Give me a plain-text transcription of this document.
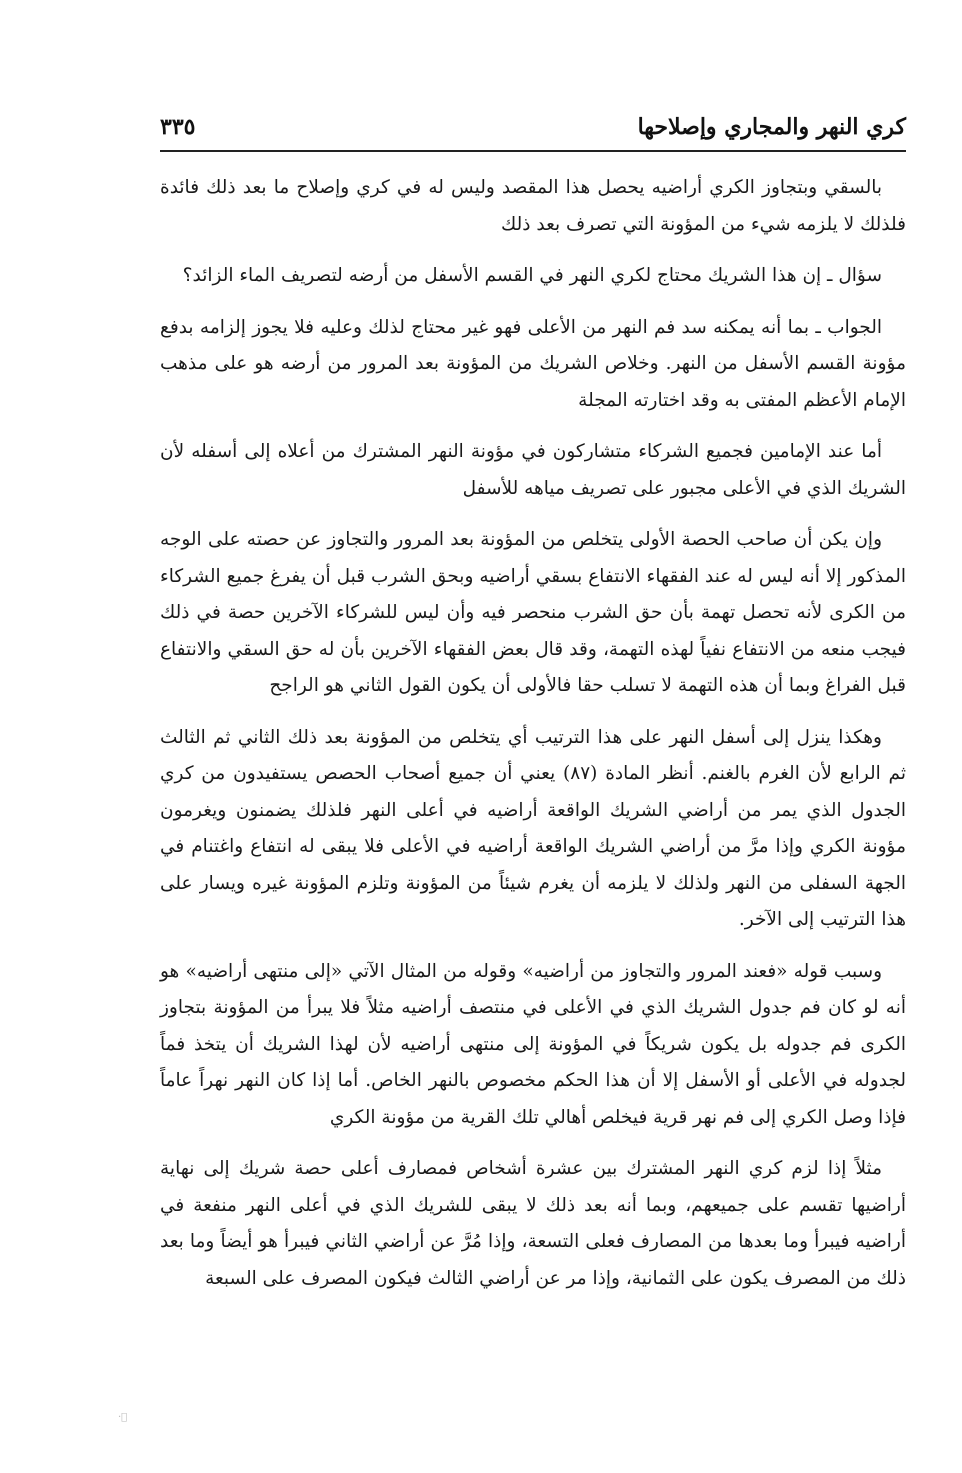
كري النهر والمجاري وإصلاحها
٣٣٥

بالسقي وبتجاوز الكري أراضيه يحصل هذا المقصد وليس له في كري وإصلاح ما بعد ذلك فائدة فلذلك لا يلزمه شيء من المؤونة التي تصرف بعد ذلك

سؤال ـ إن هذا الشريك محتاج لكري النهر في القسم الأسفل من أرضه لتصريف الماء الزائد؟

الجواب ـ بما أنه يمكنه سد فم النهر من الأعلى فهو غير محتاج لذلك وعليه فلا يجوز إلزامه بدفع مؤونة القسم الأسفل من النهر. وخلاص الشريك من المؤونة بعد المرور من أرضه هو على مذهب الإمام الأعظم المفتى به وقد اختارته المجلة

أما عند الإمامين فجميع الشركاء متشاركون في مؤونة النهر المشترك من أعلاه إلى أسفله لأن الشريك الذي في الأعلى مجبور على تصريف مياهه للأسفل

وإن يكن أن صاحب الحصة الأولى يتخلص من المؤونة بعد المرور والتجاوز عن حصته على الوجه المذكور إلا أنه ليس له عند الفقهاء الانتفاع بسقي أراضيه وبحق الشرب قبل أن يفرغ جميع الشركاء من الكرى لأنه تحصل تهمة بأن حق الشرب منحصر فيه وأن ليس للشركاء الآخرين حصة في ذلك فيجب منعه من الانتفاع نفياً لهذه التهمة، وقد قال بعض الفقهاء الآخرين بأن له حق السقي والانتفاع قبل الفراغ وبما أن هذه التهمة لا تسلب حقا فالأولى أن يكون القول الثاني هو الراجح

وهكذا ينزل إلى أسفل النهر على هذا الترتيب أي يتخلص من المؤونة بعد ذلك الثاني ثم الثالث ثم الرابع لأن الغرم بالغنم. أنظر المادة (٨٧) يعني أن جميع أصحاب الحصص يستفيدون من كري الجدول الذي يمر من أراضي الشريك الواقعة أراضيه في أعلى النهر فلذلك يضمنون ويغرمون مؤونة الكري وإذا مرَّ من أراضي الشريك الواقعة أراضيه في الأعلى فلا يبقى له انتفاع واغتنام في الجهة السفلى من النهر ولذلك لا يلزمه أن يغرم شيئاً من المؤونة وتلزم المؤونة غيره ويسار على هذا الترتيب إلى الآخر.

وسبب قوله «فعند المرور والتجاوز من أراضيه» وقوله من المثال الآتي «إلى منتهى أراضيه» هو أنه لو كان فم جدول الشريك الذي في الأعلى في منتصف أراضيه مثلاً فلا يبرأ من المؤونة بتجاوز الكرى فم جدوله بل يكون شريكاً في المؤونة إلى منتهى أراضيه لأن لهذا الشريك أن يتخذ فماً لجدوله في الأعلى أو الأسفل إلا أن هذا الحكم مخصوص بالنهر الخاص. أما إذا كان النهر نهراً عاماً فإذا وصل الكري إلى فم نهر قرية فيخلص أهالي تلك القرية من مؤونة الكري

مثلاً إذا لزم كري النهر المشترك بين عشرة أشخاص فمصارف أعلى حصة شريك إلى نهاية أراضيها تقسم على جميعهم، وبما أنه بعد ذلك لا يبقى للشريك الذي في أعلى النهر منفعة في أراضيه فيبرأ وما بعدها من المصارف فعلى التسعة، وإذا مُرَّ عن أراضي الثاني فيبرأ هو أيضاً وما بعد ذلك من المصرف يكون على الثمانية، وإذا مر عن أراضي الثالث فيكون المصرف على السبعة

·ﾞ
